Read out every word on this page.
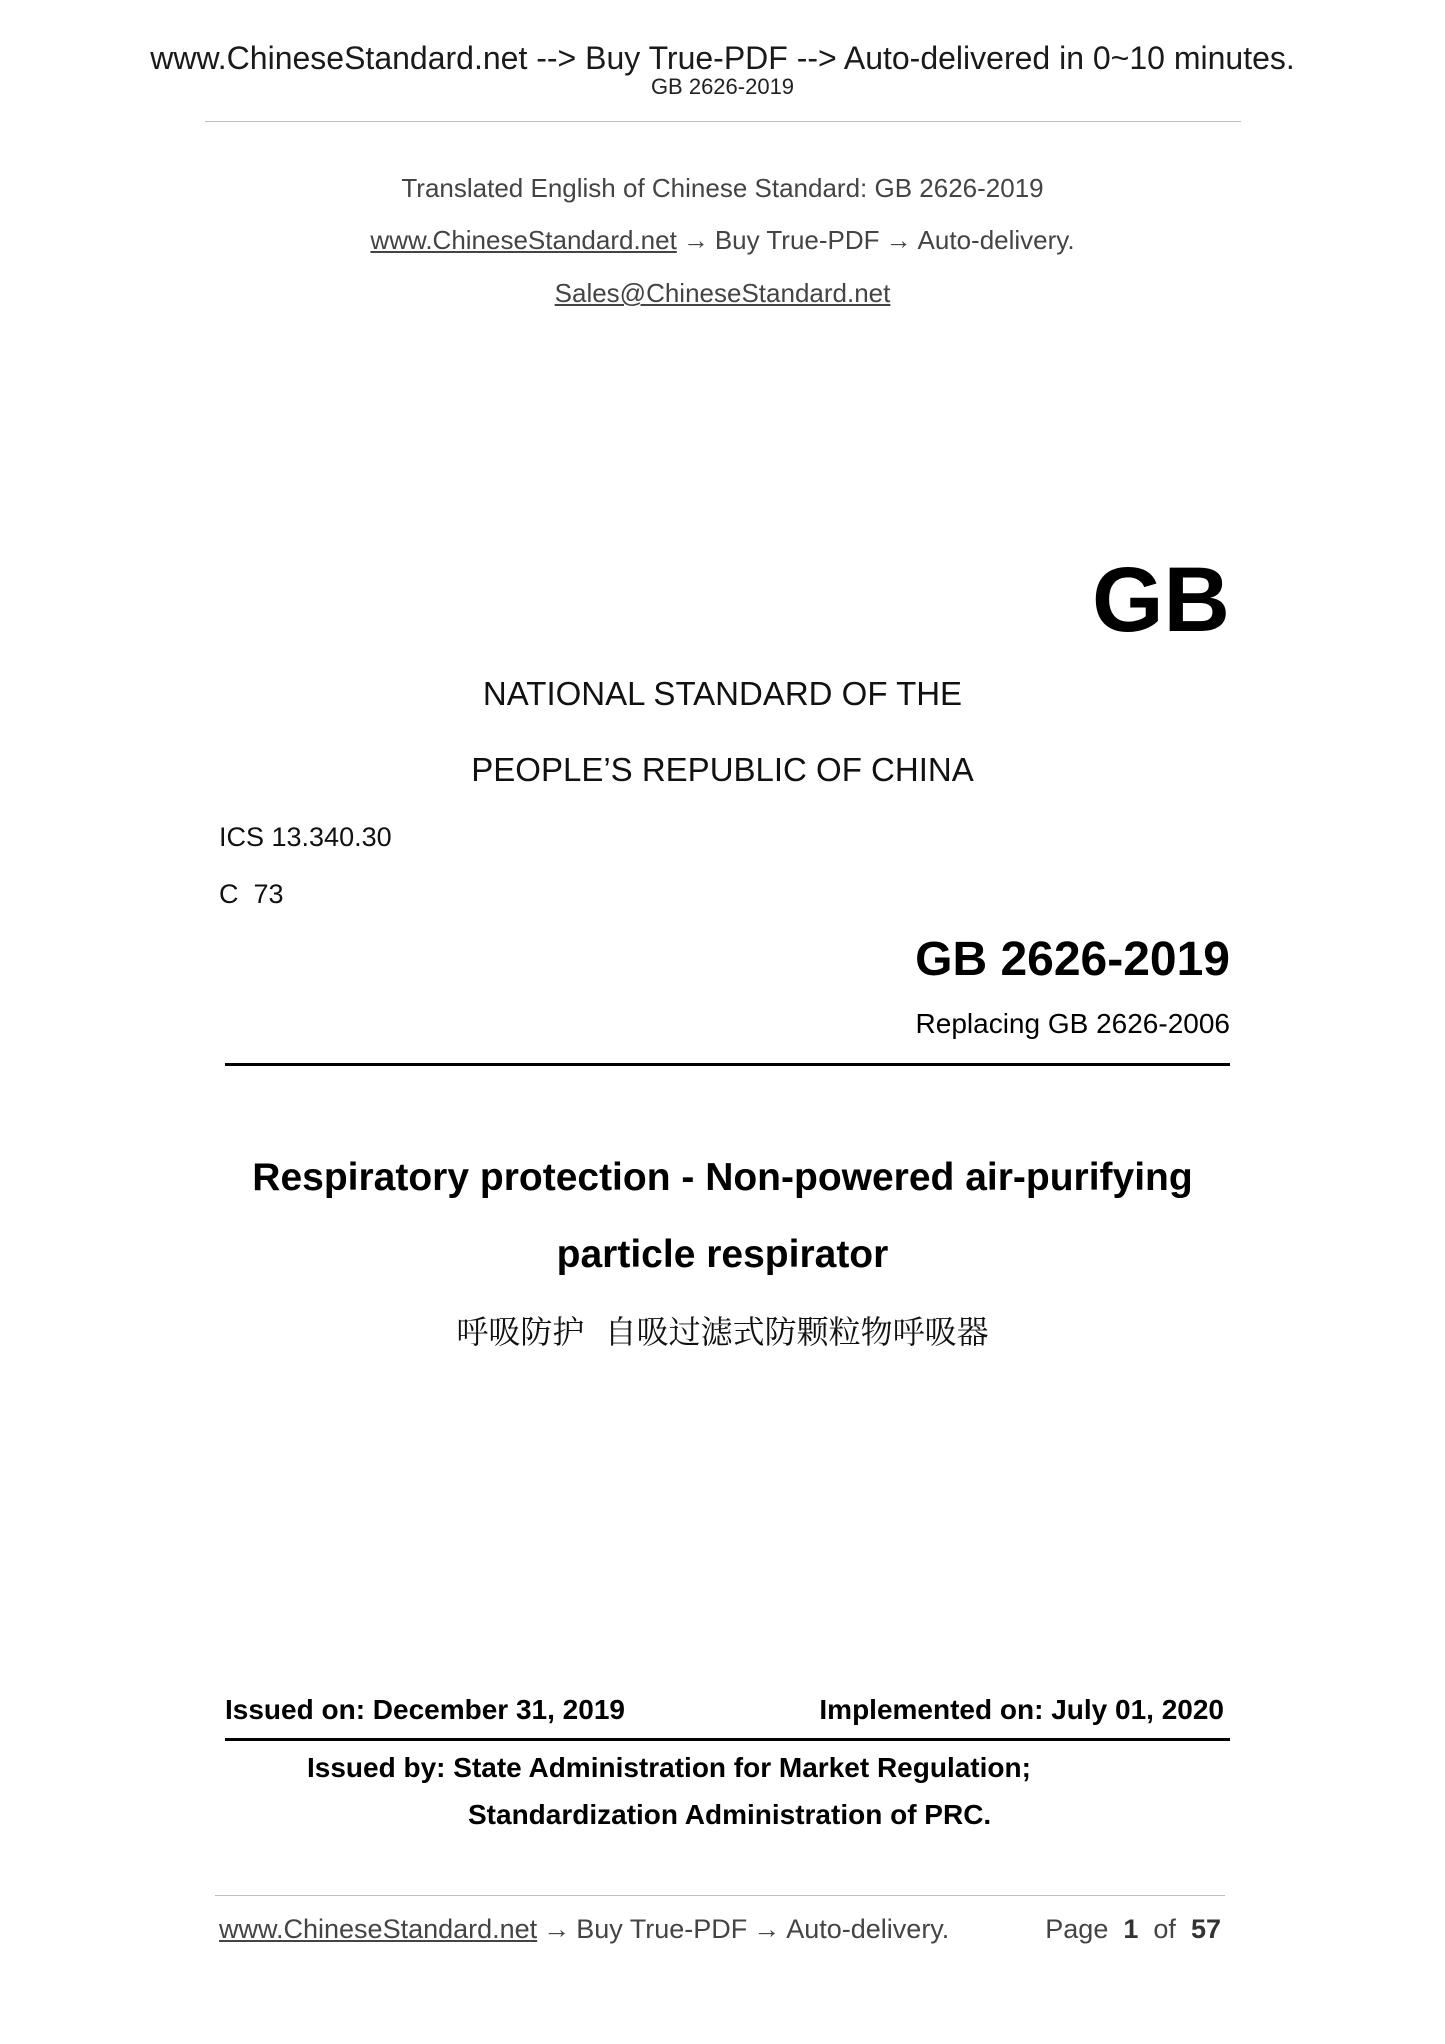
www.ChineseStandard.net --> Buy True-PDF --> Auto-delivered in 0~10 minutes.
GB 2626-2019
Translated English of Chinese Standard: GB 2626-2019
www.ChineseStandard.net → Buy True-PDF → Auto-delivery.
Sales@ChineseStandard.net
GB
NATIONAL STANDARD OF THE
PEOPLE’S REPUBLIC OF CHINA
ICS 13.340.30
C  73
GB 2626-2019
Replacing GB 2626-2006
Respiratory protection - Non-powered air-purifying
particle respirator
呼吸防护  自吸过滤式防颗粒物呼吸器
Issued on: December 31, 2019	Implemented on: July 01, 2020
Issued by: State Administration for Market Regulation;
Standardization Administration of PRC.
www.ChineseStandard.net → Buy True-PDF → Auto-delivery.	Page 1 of 57
